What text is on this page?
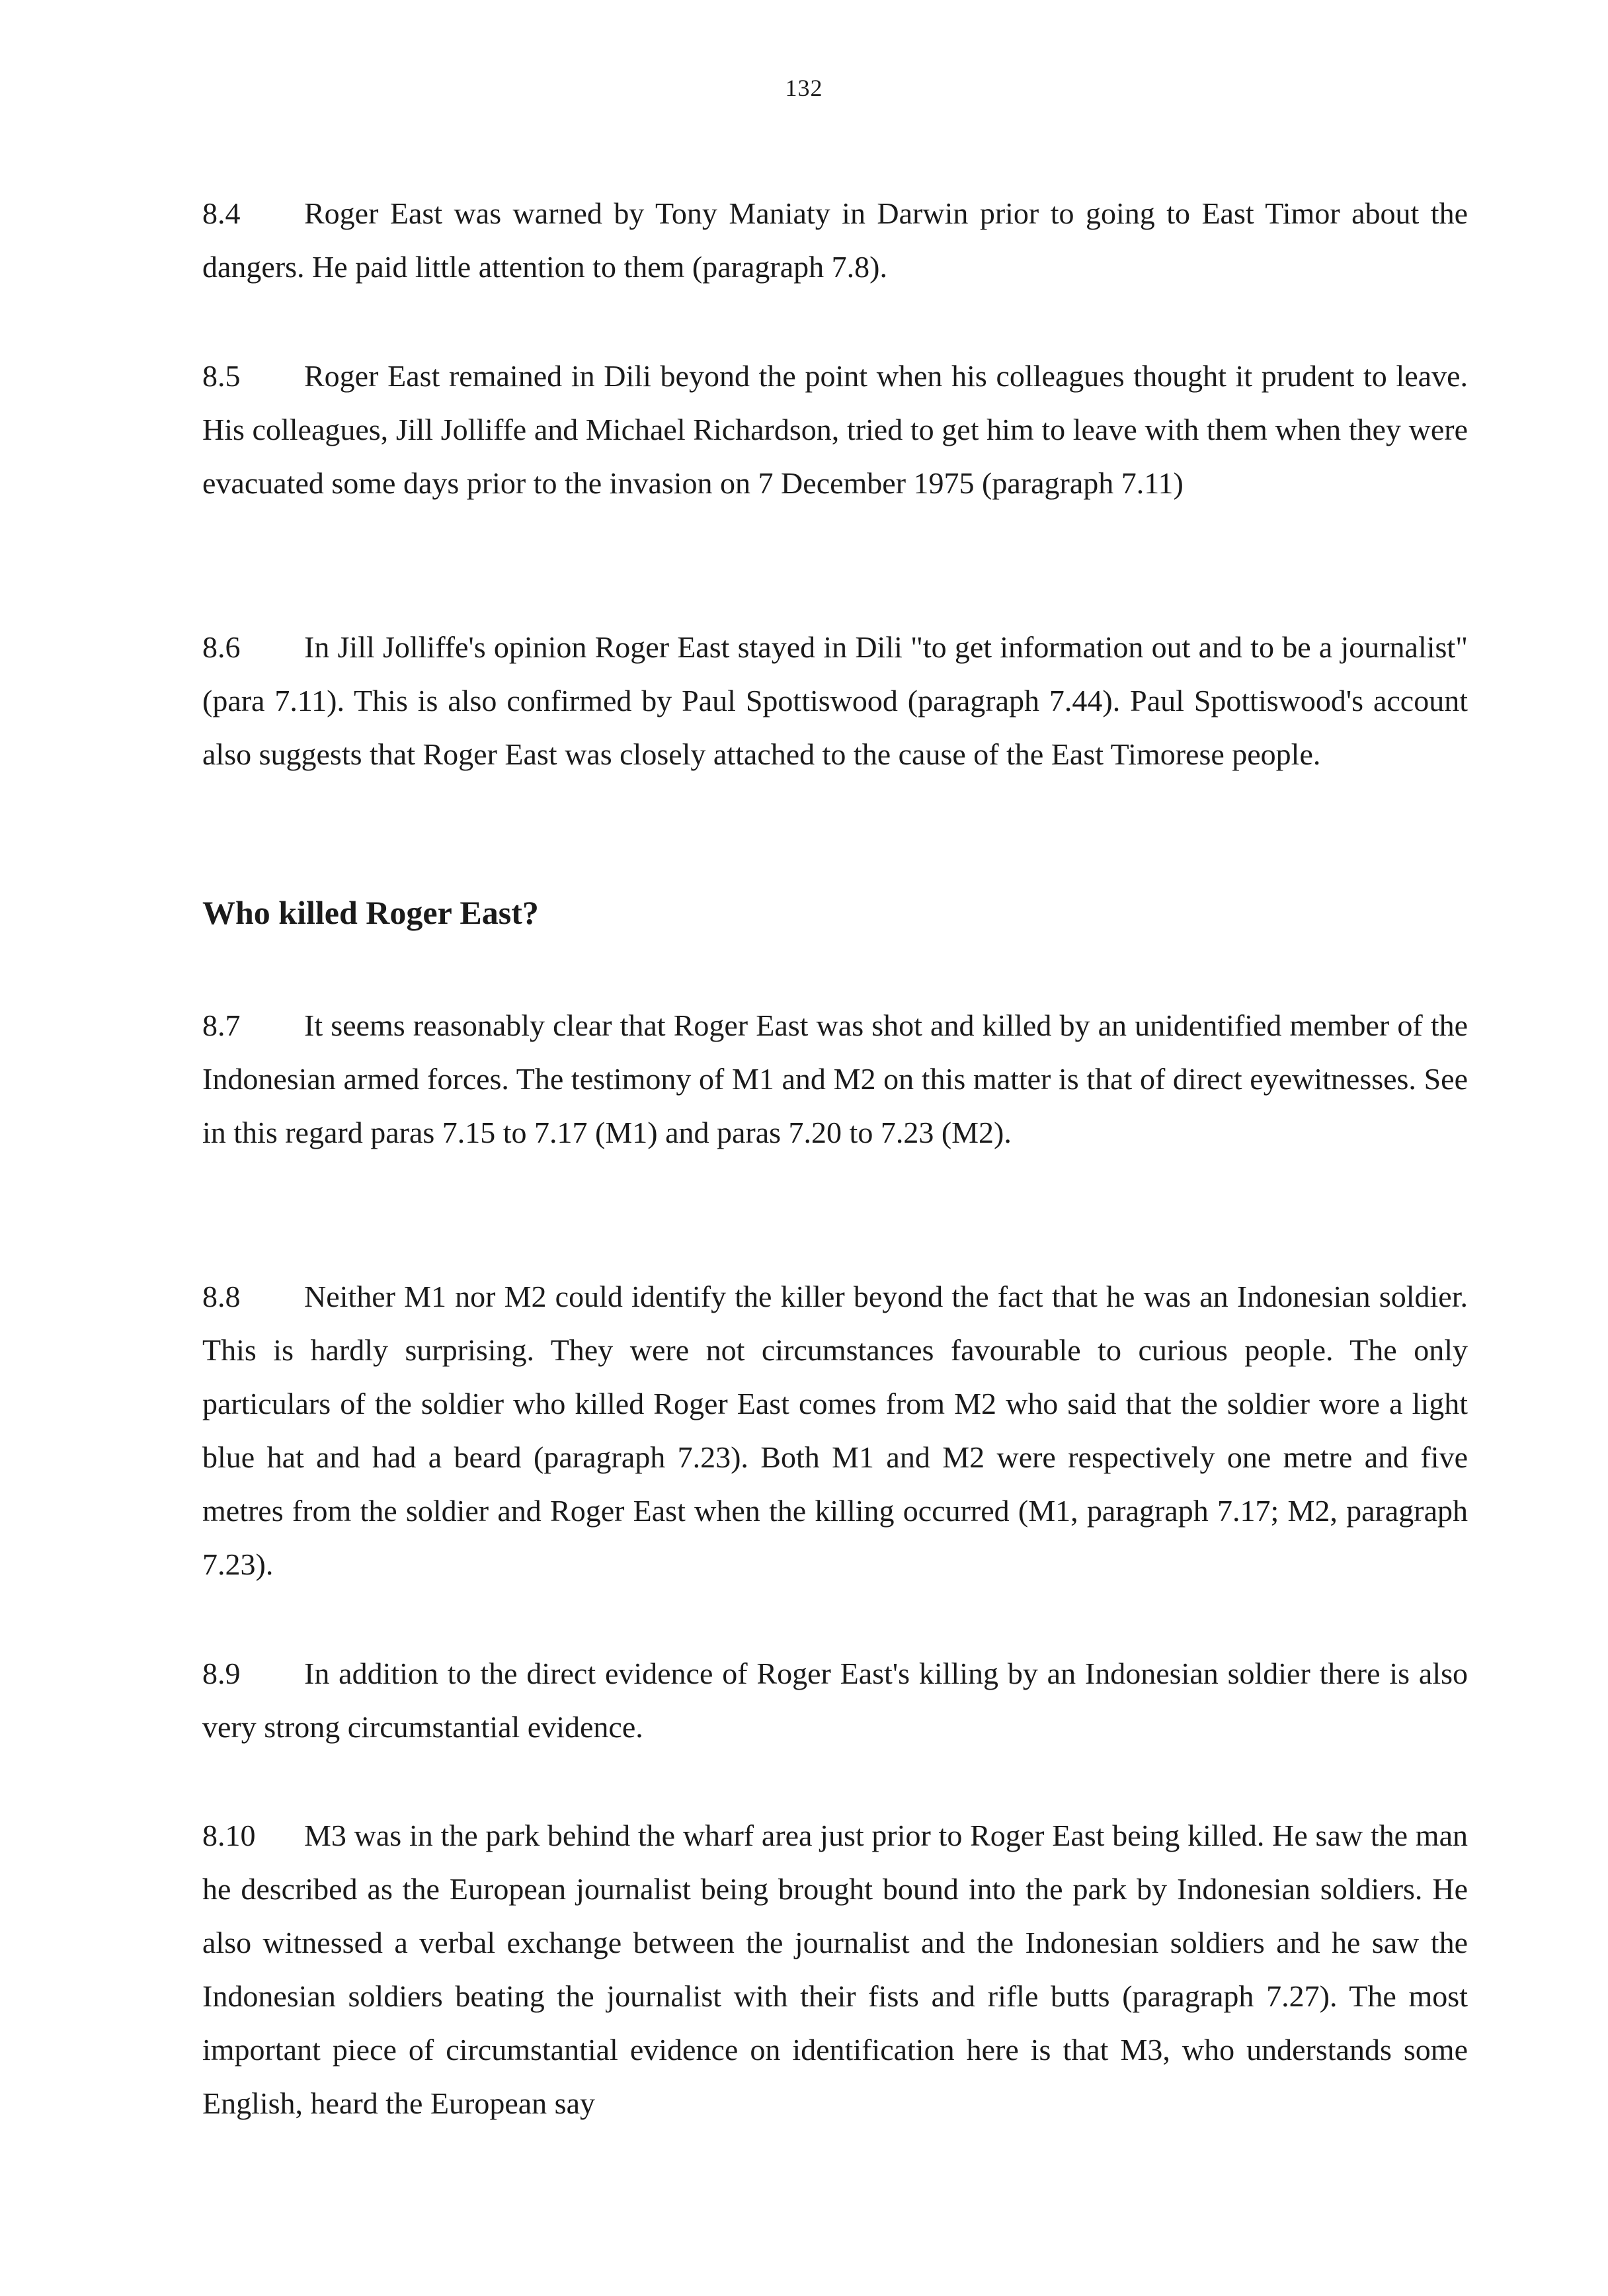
132
8.4 Roger East was warned by Tony Maniaty in Darwin prior to going to East Timor about the dangers. He paid little attention to them (paragraph 7.8).
8.5 Roger East remained in Dili beyond the point when his colleagues thought it prudent to leave. His colleagues, Jill Jolliffe and Michael Richardson, tried to get him to leave with them when they were evacuated some days prior to the invasion on 7 December 1975 (paragraph 7.11)
8.6 In Jill Jolliffe's opinion Roger East stayed in Dili "to get information out and to be a journalist"(para 7.11). This is also confirmed by Paul Spottiswood (paragraph 7.44). Paul Spottiswood's account also suggests that Roger East was closely attached to the cause of the East Timorese people.
Who killed Roger East?
8.7 It seems reasonably clear that Roger East was shot and killed by an unidentified member of the Indonesian armed forces. The testimony of M1 and M2 on this matter is that of direct eyewitnesses. See in this regard paras 7.15 to 7.17 (M1) and paras 7.20 to 7.23 (M2).
8.8 Neither M1 nor M2 could identify the killer beyond the fact that he was an Indonesian soldier. This is hardly surprising. They were not circumstances favourable to curious people. The only particulars of the soldier who killed Roger East comes from M2 who said that the soldier wore a light blue hat and had a beard (paragraph 7.23). Both M1 and M2 were respectively one metre and five metres from the soldier and Roger East when the killing occurred (M1, paragraph 7.17; M2, paragraph 7.23).
8.9 In addition to the direct evidence of Roger East's killing by an Indonesian soldier there is also very strong circumstantial evidence.
8.10 M3 was in the park behind the wharf area just prior to Roger East being killed. He saw the man he described as the European journalist being brought bound into the park by Indonesian soldiers. He also witnessed a verbal exchange between the journalist and the Indonesian soldiers and he saw the Indonesian soldiers beating the journalist with their fists and rifle butts (paragraph 7.27). The most important piece of circumstantial evidence on identification here is that M3, who understands some English, heard the European say
